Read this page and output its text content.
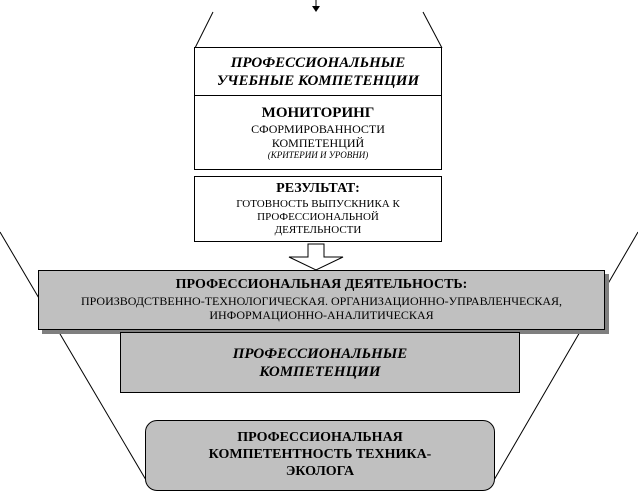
ПРОФЕССИОНАЛЬНЫЕ
УЧЕБНЫЕ КОМПЕТЕНЦИИ
МОНИТОРИНГ
СФОРМИРОВАННОСТИ
КОМПЕТЕНЦИЙ
(КРИТЕРИИ И УРОВНИ)
РЕЗУЛЬТАТ:
ГОТОВНОСТЬ ВЫПУСКНИКА К
ПРОФЕССИОНАЛЬНОЙ
ДЕЯТЕЛЬНОСТИ
ПРОФЕССИОНАЛЬНАЯ ДЕЯТЕЛЬНОСТЬ:
ПРОИЗВОДСТВЕННО-ТЕХНОЛОГИЧЕСКАЯ. ОРГАНИЗАЦИОННО-УПРАВЛЕНЧЕСКАЯ,
ИНФОРМАЦИОННО-АНАЛИТИЧЕСКАЯ
ПРОФЕССИОНАЛЬНЫЕ
КОМПЕТЕНЦИИ
ПРОФЕССИОНАЛЬНАЯ
КОМПЕТЕНТНОСТЬ ТЕХНИКА-
ЭКОЛОГА
